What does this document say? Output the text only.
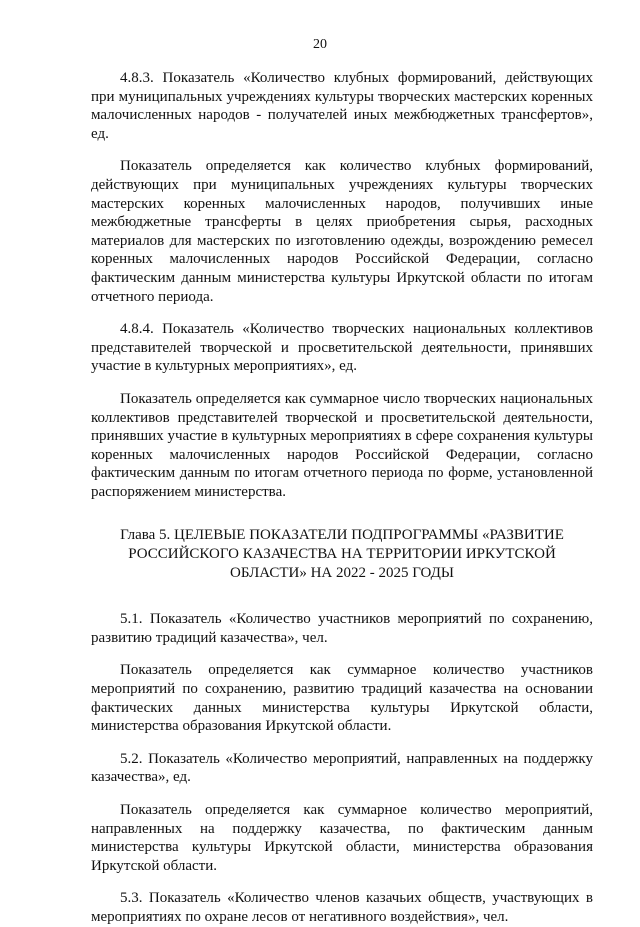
20

4.8.3. Показатель «Количество клубных формирований, действующих при муниципальных учреждениях культуры творческих мастерских коренных малочисленных народов - получателей иных межбюджетных трансфертов», ед.

Показатель определяется как количество клубных формирований, действующих при муниципальных учреждениях культуры творческих мастерских коренных малочисленных народов, получивших иные межбюджетные трансферты в целях приобретения сырья, расходных материалов для мастерских по изготовлению одежды, возрождению ремесел коренных малочисленных народов Российской Федерации, согласно фактическим данным министерства культуры Иркутской области по итогам отчетного периода.

4.8.4. Показатель «Количество творческих национальных коллективов представителей творческой и просветительской деятельности, принявших участие в культурных мероприятиях», ед.

Показатель определяется как суммарное число творческих национальных коллективов представителей творческой и просветительской деятельности, принявших участие в культурных мероприятиях в сфере сохранения культуры коренных малочисленных народов Российской Федерации, согласно фактическим данным по итогам отчетного периода по форме, установленной распоряжением министерства.

Глава 5. ЦЕЛЕВЫЕ ПОКАЗАТЕЛИ ПОДПРОГРАММЫ «РАЗВИТИЕ РОССИЙСКОГО КАЗАЧЕСТВА НА ТЕРРИТОРИИ ИРКУТСКОЙ ОБЛАСТИ» НА 2022 - 2025 ГОДЫ

5.1. Показатель «Количество участников мероприятий по сохранению, развитию традиций казачества», чел.

Показатель определяется как суммарное количество участников мероприятий по сохранению, развитию традиций казачества на основании фактических данных министерства культуры Иркутской области, министерства образования Иркутской области.

5.2. Показатель «Количество мероприятий, направленных на поддержку казачества», ед.

Показатель определяется как суммарное количество мероприятий, направленных на поддержку казачества, по фактическим данным министерства культуры Иркутской области, министерства образования Иркутской области.

5.3. Показатель «Количество членов казачьих обществ, участвующих в мероприятиях по охране лесов от негативного воздействия», чел.
